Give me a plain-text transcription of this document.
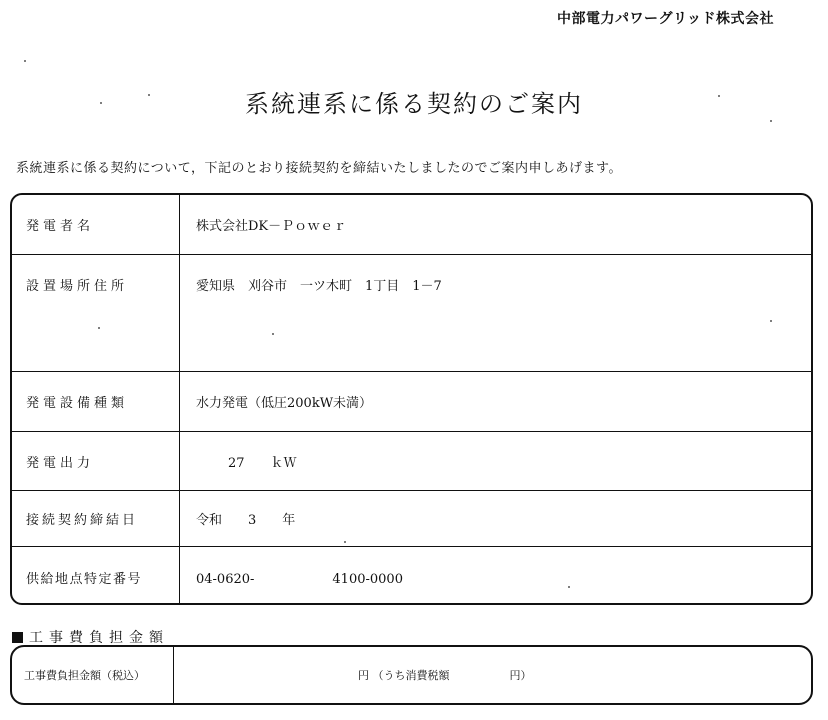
中部電力パワーグリッド株式会社
系統連系に係る契約のご案内
系統連系に係る契約について，下記のとおり接続契約を締結いたしましたのでご案内申しあげます。
発電者名	株式会社DK－Ｐｏｗｅｒ
設置場所住所	愛知県　刈谷市　一ツ木町　1丁目　1－7
発電設備種類	水力発電（低圧200kW未満）
発電出力	27　　ｋＷ
接続契約締結日	令和　　3　　年
供給地点特定番号	04-0620-　　　　　　4100-0000
工事費負担金額
工事費負担金額（税込）	円 （うち消費税額	円）
